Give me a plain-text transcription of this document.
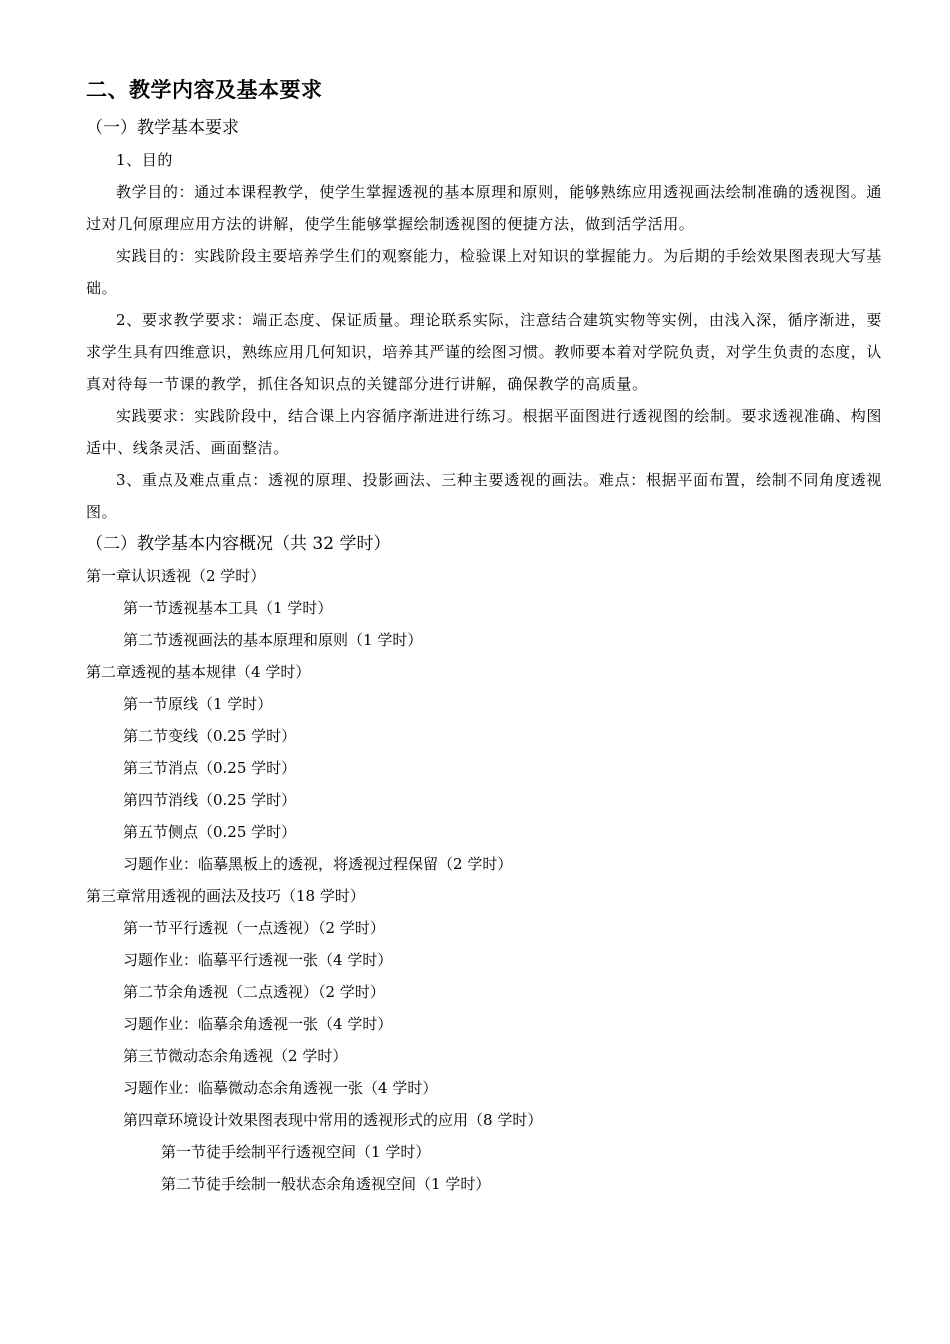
二、教学内容及基本要求
（一）教学基本要求

1、目的

教学目的：通过本课程教学，使学生掌握透视的基本原理和原则，能够熟练应用透视画法绘制准确的透视图。通过对几何原理应用方法的讲解，使学生能够掌握绘制透视图的便捷方法，做到活学活用。

实践目的：实践阶段主要培养学生们的观察能力，检验课上对知识的掌握能力。为后期的手绘效果图表现大写基础。

2、要求教学要求：端正态度、保证质量。理论联系实际，注意结合建筑实物等实例，由浅入深，循序渐进，要求学生具有四维意识，熟练应用几何知识，培养其严谨的绘图习惯。教师要本着对学院负责，对学生负责的态度，认真对待每一节课的教学，抓住各知识点的关键部分进行讲解，确保教学的高质量。

实践要求：实践阶段中，结合课上内容循序渐进进行练习。根据平面图进行透视图的绘制。要求透视准确、构图适中、线条灵活、画面整洁。

3、重点及难点重点：透视的原理、投影画法、三种主要透视的画法。难点：根据平面布置，绘制不同角度透视图。

（二）教学基本内容概况（共 32 学时）
第一章认识透视（2 学时）
第一节透视基本工具（1 学时）
第二节透视画法的基本原理和原则（1 学时）
第二章透视的基本规律（4 学时）
第一节原线（1 学时）
第二节变线（0.25 学时）
第三节消点（0.25 学时）
第四节消线（0.25 学时）
第五节侧点（0.25 学时）
习题作业：临摹黑板上的透视，将透视过程保留（2 学时）
第三章常用透视的画法及技巧（18 学时）
第一节平行透视（一点透视）（2 学时）
习题作业：临摹平行透视一张（4 学时）
第二节余角透视（二点透视）（2 学时）
习题作业：临摹余角透视一张（4 学时）
第三节微动态余角透视（2 学时）
习题作业：临摹微动态余角透视一张（4 学时）
第四章环境设计效果图表现中常用的透视形式的应用（8 学时）
第一节徒手绘制平行透视空间（1 学时）
第二节徒手绘制一般状态余角透视空间（1 学时）
